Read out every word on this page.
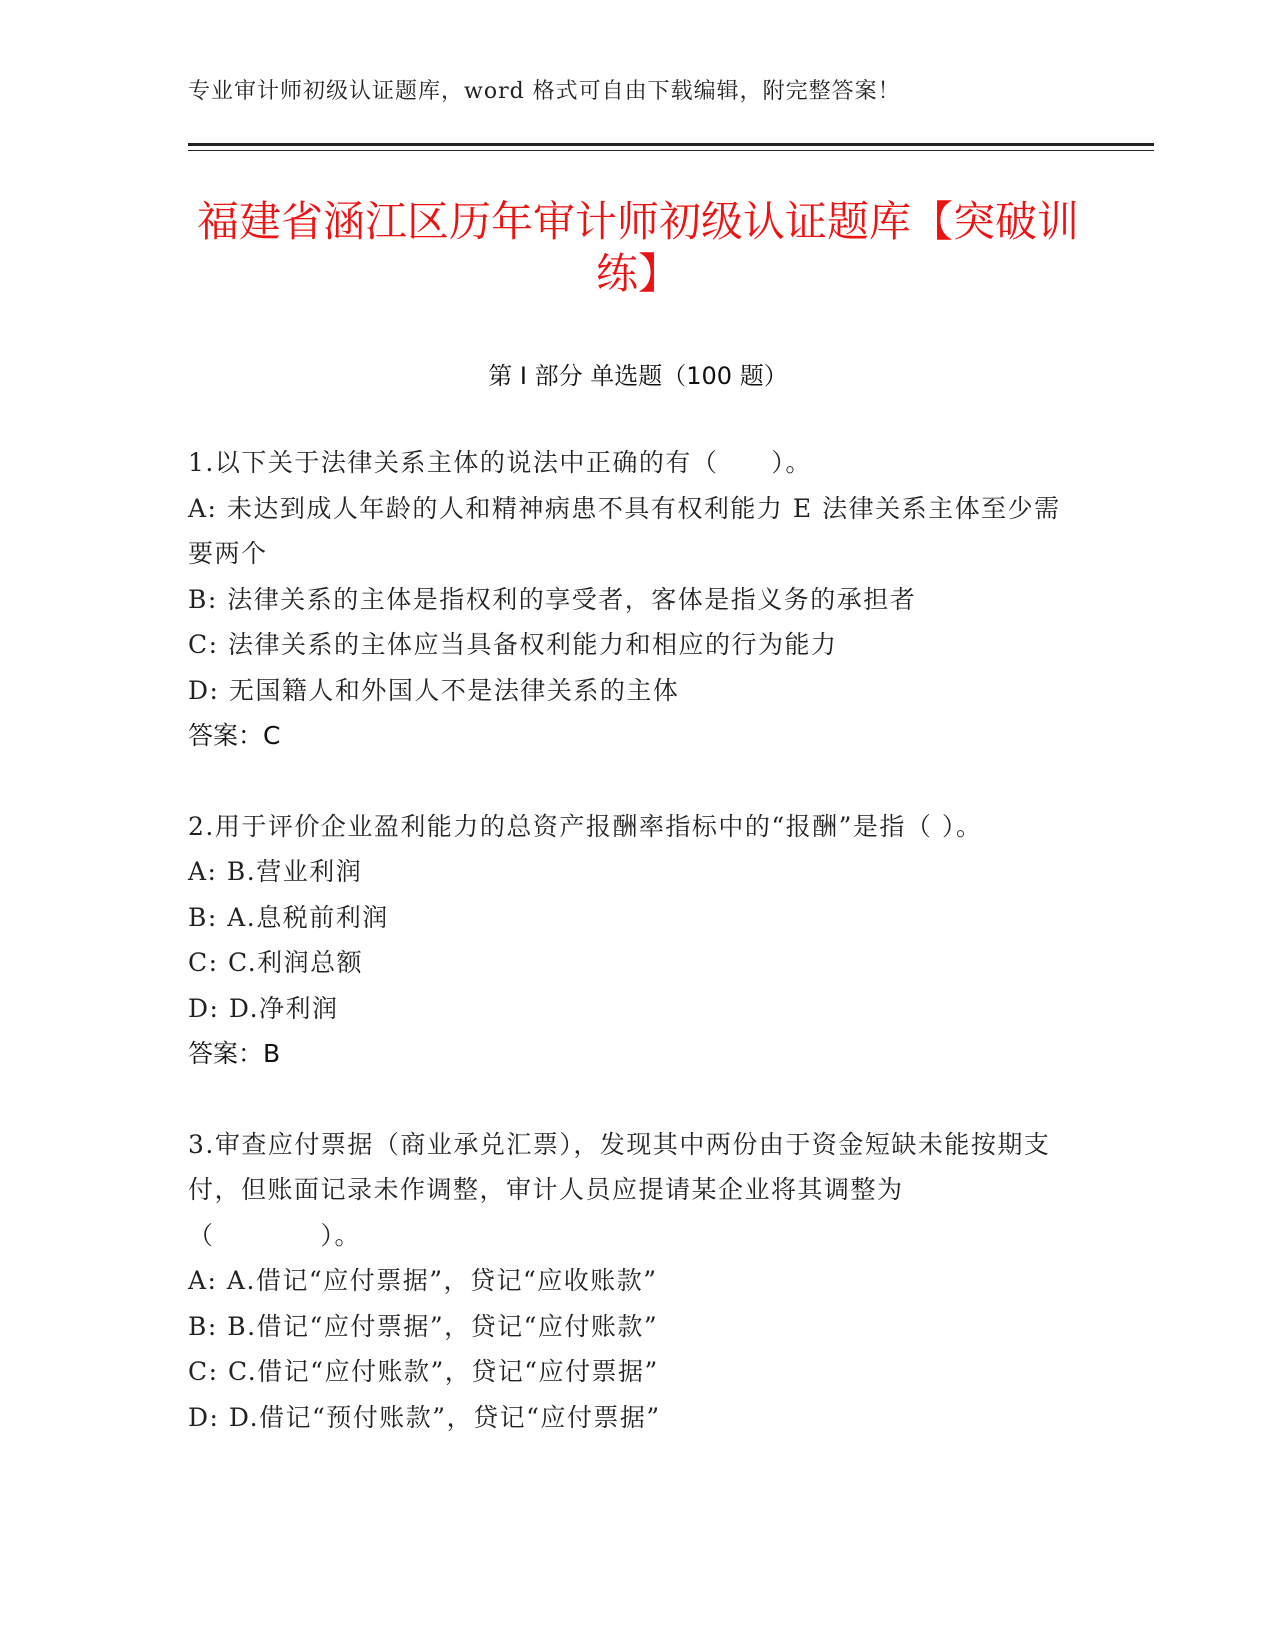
专业审计师初级认证题库，word 格式可自由下载编辑，附完整答案！
福建省涵江区历年审计师初级认证题库【突破训练】
第 I 部分 单选题（100 题）

1.以下关于法律关系主体的说法中正确的有（　　）。

A: 未达到成人年龄的人和精神病患不具有权利能力 E 法律关系主体至少需要两个

B: 法律关系的主体是指权利的享受者，客体是指义务的承担者

C: 法律关系的主体应当具备权利能力和相应的行为能力

D: 无国籍人和外国人不是法律关系的主体

答案：C

2.用于评价企业盈利能力的总资产报酬率指标中的“报酬”是指（ ）。

A: B.营业利润

B: A.息税前利润

C: C.利润总额

D: D.净利润

答案：B

3.审查应付票据（商业承兑汇票），发现其中两份由于资金短缺未能按期支付，但账面记录未作调整，审计人员应提请某企业将其调整为（　　　　）。

A: A.借记“应付票据”，贷记“应收账款”

B: B.借记“应付票据”，贷记“应付账款”

C: C.借记“应付账款”，贷记“应付票据”

D: D.借记“预付账款”，贷记“应付票据”
